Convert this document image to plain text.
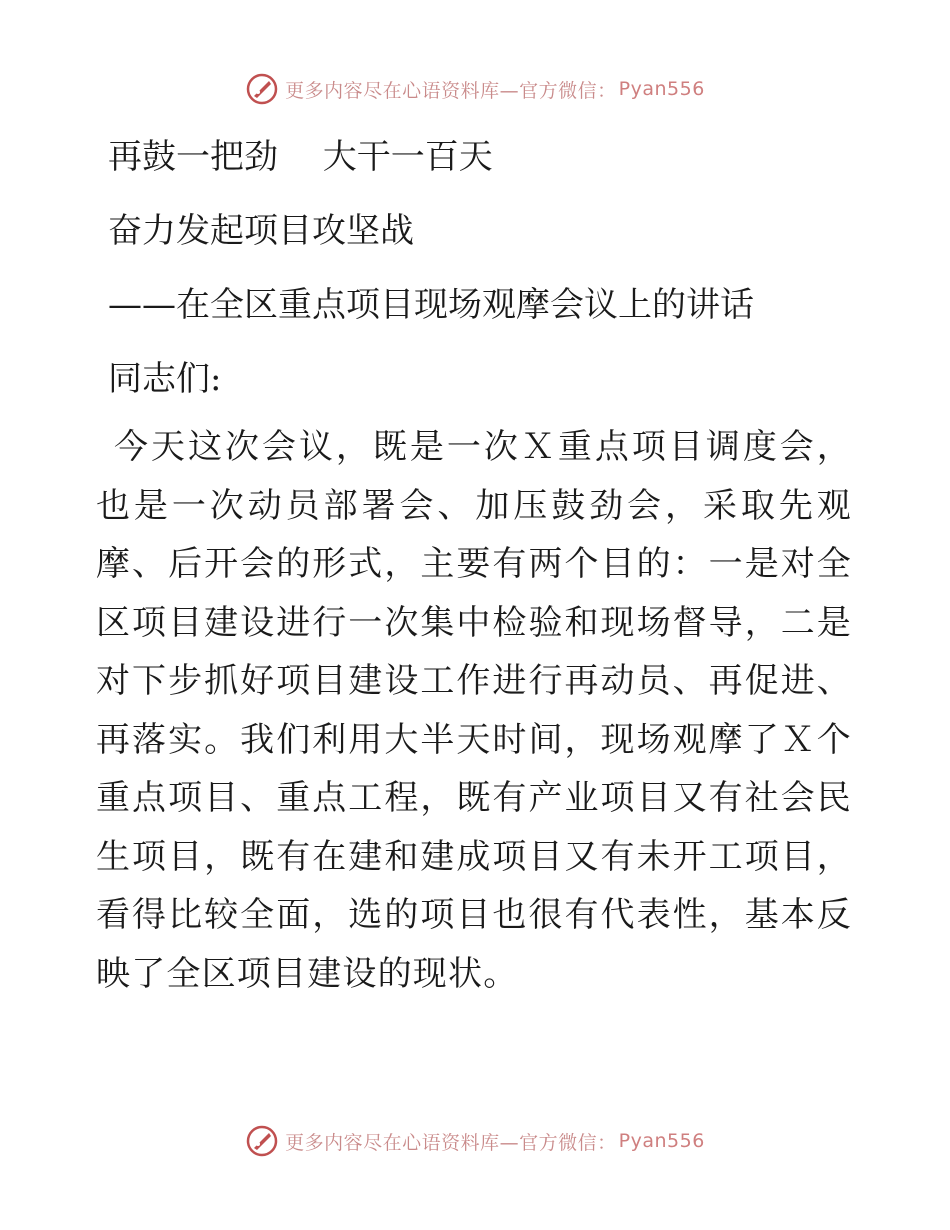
更多内容尽在心语资料库—官方微信： Pyan556

再鼓一把劲　 大干一百天

奋力发起项目攻坚战

——在全区重点项目现场观摩会议上的讲话

同志们:

今天这次会议，既是一次Ｘ重点项目调度会，也是一次动员部署会、加压鼓劲会，采取先观摩、后开会的形式，主要有两个目的：一是对全区项目建设进行一次集中检验和现场督导，二是对下步抓好项目建设工作进行再动员、再促进、再落实。我们利用大半天时间，现场观摩了Ｘ个重点项目、重点工程，既有产业项目又有社会民生项目，既有在建和建成项目又有未开工项目，看得比较全面，选的项目也很有代表性，基本反映了全区项目建设的现状。

更多内容尽在心语资料库—官方微信： Pyan556
